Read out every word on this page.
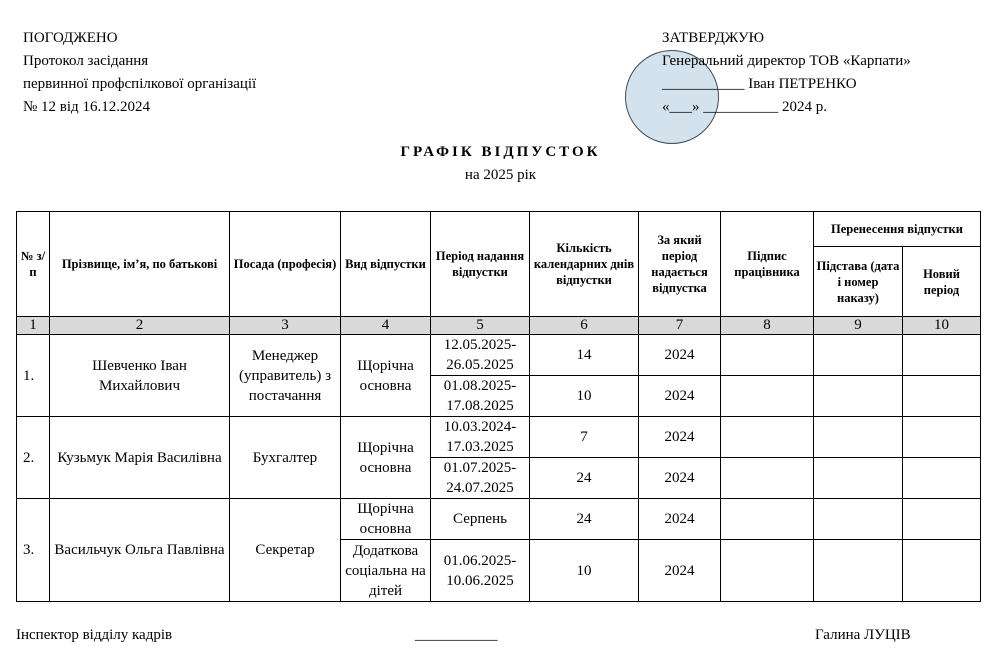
ПОГОДЖЕНО
Протокол засідання
первинної профспілкової організації
№ 12 від 16.12.2024
ЗАТВЕРДЖУЮ
Генеральний директор ТОВ «Карпати»
___________ Іван ПЕТРЕНКО
«___» __________ 2024 р.
ГРАФІК ВІДПУСТОК
на 2025 рік
№ з/п	Прізвище, ім’я, по батькові	Посада (професія)	Вид відпустки	Період надання відпустки	Кількість календарних днів відпустки	За який період надається відпустка	Підпис працівника	Перенесення відпустки	
								Підстава (дата і номер наказу)	Новий період
1	2	3	4	5	6	7	8	9	10
1.	Шевченко Іван Михайлович	Менеджер (управитель) з постачання	Щорічна основна	12.05.2025-26.05.2025	14	2024			
				01.08.2025-17.08.2025	10	2024			
2.	Кузьмук Марія Василівна	Бухгалтер	Щорічна основна	10.03.2024-17.03.2025	7	2024			
				01.07.2025-24.07.2025	24	2024			
3.	Васильчук Ольга Павлівна	Секретар	Щорічна основна	Серпень	24	2024			
			Додаткова соціальна на дітей	01.06.2025-10.06.2025	10	2024			
Інспектор відділу кадрів	___________	Галина ЛУЦІВ
